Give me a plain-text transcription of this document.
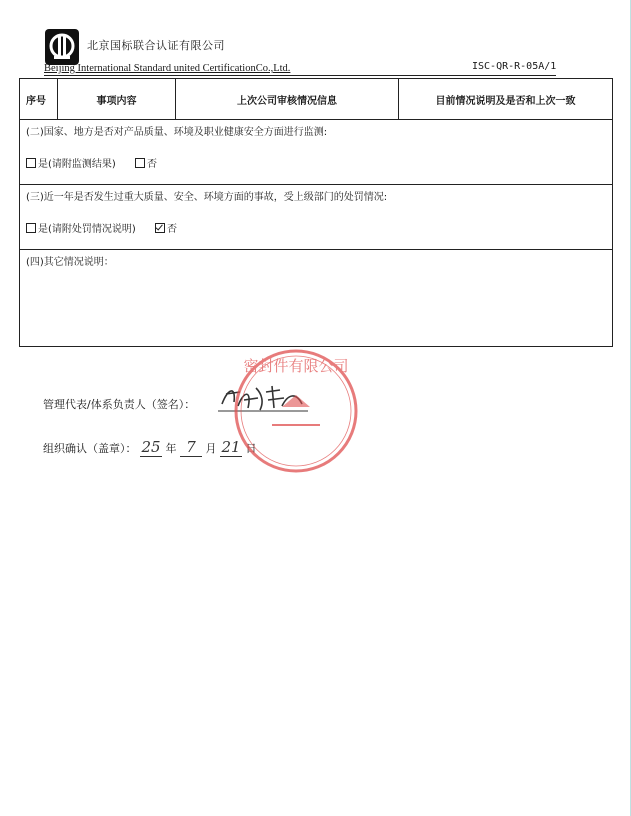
北京国标联合认证有限公司
Beijing International Standard united CertificationCo.,Ltd.	ISC-QR-R-05A/1
序号	事项内容	上次公司审核情况信息	目前情况说明及是否和上次一致

(二)国家、地方是否对产品质量、环境及职业健康安全方面进行监测:
是(请附监测结果)	否

(三)近一年是否发生过重大质量、安全、环境方面的事故，受上级部门的处罚情况:
是(请附处罚情况说明)	否

(四)其它情况说明：
管理代表/体系负责人（签名）：
组织确认（盖章）： 25 年 7 月 21 日
密封件有限公司
